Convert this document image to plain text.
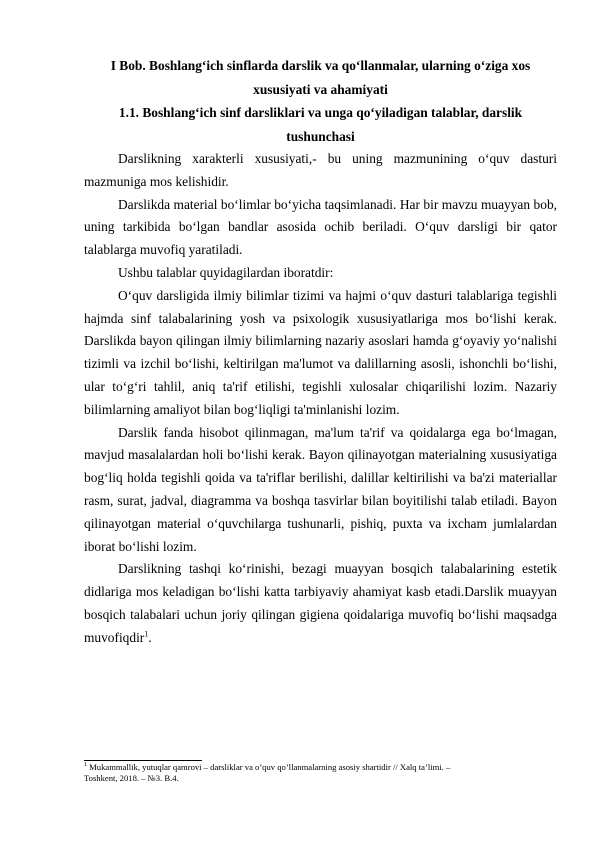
I Bob. Boshlang‘ich sinflarda darslik va qo‘llanmalar, ularning o‘ziga xos xususiyati va ahamiyati

1.1. Boshlang‘ich sinf darsliklari va unga qo‘yiladigan talablar, darslik tushunchasi

Darslikning xarakterli xususiyati,- bu uning mazmunining o‘quv dasturi mazmuniga mos kelishidir.

Darslikda material bo‘limlar bo‘yicha taqsimlanadi. Har bir mavzu muayyan bob, uning tarkibida bo‘lgan bandlar asosida ochib beriladi. O‘quv darsligi bir qator talablarga muvofiq yaratiladi.

Ushbu talablar quyidagilardan iboratdir:

O‘quv darsligida ilmiy bilimlar tizimi va hajmi o‘quv dasturi talablariga tegishli hajmda sinf talabalarining yosh va psixologik xususiyatlariga mos bo‘lishi kerak. Darslikda bayon qilingan ilmiy bilimlarning nazariy asoslari hamda g‘oyaviy yo‘nalishi tizimli va izchil bo‘lishi, keltirilgan ma'lumot va dalillarning asosli, ishonchli bo‘lishi, ular to‘g‘ri tahlil, aniq ta'rif etilishi, tegishli xulosalar chiqarilishi lozim. Nazariy bilimlarning amaliyot bilan bog‘liqligi ta'minlanishi lozim.

Darslik fanda hisobot qilinmagan, ma'lum ta'rif va qoidalarga ega bo‘lmagan, mavjud masalalardan holi bo‘lishi kerak. Bayon qilinayotgan materialning xususiyatiga bog‘liq holda tegishli qoida va ta'riflar berilishi, dalillar keltirilishi va ba'zi materiallar rasm, surat, jadval, diagramma va boshqa tasvirlar bilan boyitilishi talab etiladi. Bayon qilinayotgan material o‘quvchilarga tushunarli, pishiq, puxta va ixcham jumlalardan iborat bo‘lishi lozim.

Darslikning tashqi ko‘rinishi, bezagi muayyan bosqich talabalarining estetik didlariga mos keladigan bo‘lishi katta tarbiyaviy ahamiyat kasb etadi.Darslik muayyan bosqich talabalari uchun joriy qilingan gigiena qoidalariga muvofiq bo‘lishi maqsadga muvofiqdir$^1$.

$^1$ Mukammallik, yutuqlar qamrovi – darsliklar va o’quv qo’llanmalarning asosiy shartidir // Xalq ta’limi. –
Toshkent, 2018. – №3. B.4.
